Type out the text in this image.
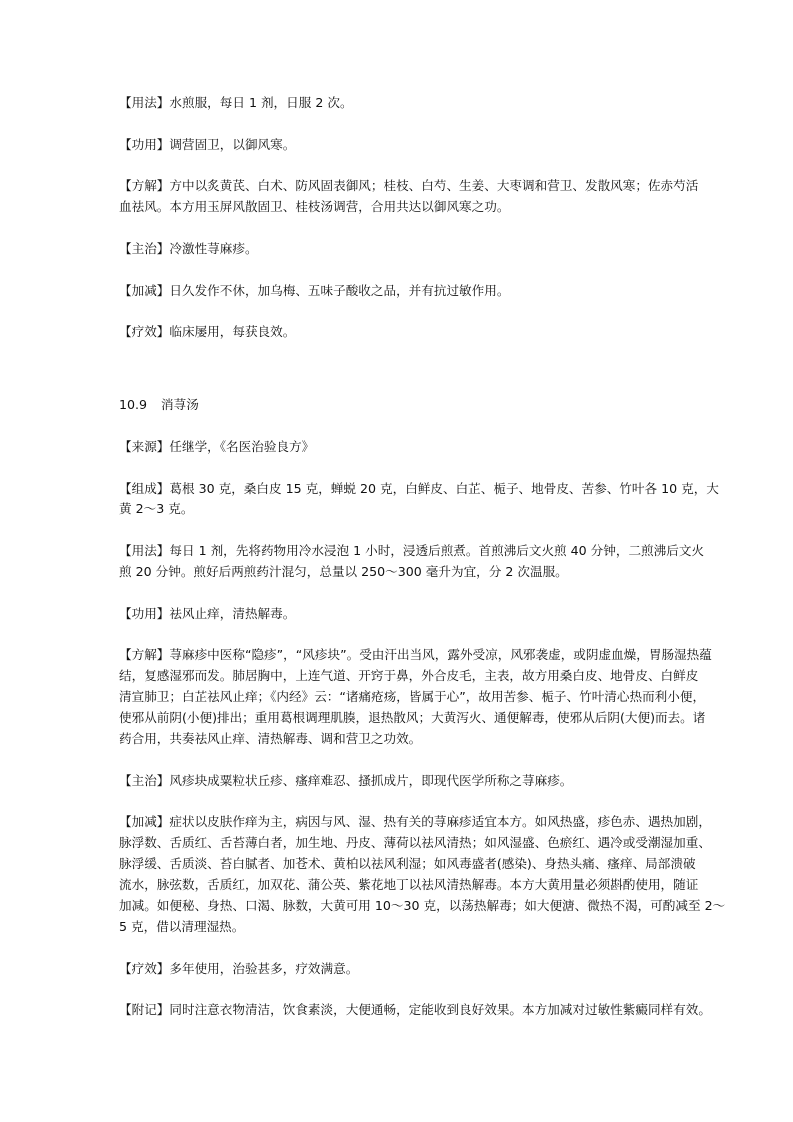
【用法】水煎服，每日 1 剂，日服 2 次。
【功用】调营固卫，以御风寒。
【方解】方中以炙黄芪、白术、防风固表御风；桂枝、白芍、生姜、大枣调和营卫、发散风寒；佐赤芍活
血祛风。本方用玉屏风散固卫、桂枝汤调营，合用共达以御风寒之功。
【主治】冷激性荨麻疹。
【加减】日久发作不休，加乌梅、五味子酸收之品，并有抗过敏作用。
【疗效】临床屡用，每获良效。
10.9 消荨汤
【来源】任继学，《名医治验良方》
【组成】葛根 30 克，桑白皮 15 克，蝉蜕 20 克，白鲜皮、白芷、栀子、地骨皮、苦参、竹叶各 10 克，大
黄 2～3 克。
【用法】每日 1 剂，先将药物用冷水浸泡 1 小时，浸透后煎煮。首煎沸后文火煎 40 分钟，二煎沸后文火
煎 20 分钟。煎好后两煎药汁混匀，总量以 250～300 毫升为宜，分 2 次温服。
【功用】祛风止痒，清热解毒。
【方解】荨麻疹中医称“隐疹”，“风疹块”。受由汗出当风，露外受凉，风邪袭虚，或阴虚血燥，胃肠湿热蕴
结，复感湿邪而发。肺居胸中，上连气道、开窍于鼻，外合皮毛，主表，故方用桑白皮、地骨皮、白鲜皮
清宣肺卫；白芷祛风止痒；《内经》云：“诸痛疮疡，皆属于心”，故用苦参、栀子、竹叶清心热而利小便，
使邪从前阴(小便)排出；重用葛根调理肌腠，退热散风；大黄泻火、通便解毒，使邪从后阴(大便)而去。诸
药合用，共奏祛风止痒、清热解毒、调和营卫之功效。
【主治】风疹块成粟粒状丘疹、瘙痒难忍、搔抓成片，即现代医学所称之荨麻疹。
【加减】症状以皮肤作痒为主，病因与风、湿、热有关的荨麻疹适宜本方。如风热盛，疹色赤、遇热加剧，
脉浮数、舌质红、舌苔薄白者，加生地、丹皮、薄荷以祛风清热；如风湿盛、色瘀红、遇冷或受潮湿加重、
脉浮缓、舌质淡、苔白腻者、加苍术、黄柏以祛风利湿；如风毒盛者(感染)、身热头痛、瘙痒、局部溃破
流水，脉弦数，舌质红，加双花、蒲公英、紫花地丁以祛风清热解毒。本方大黄用量必须斟酌使用，随证
加减。如便秘、身热、口渴、脉数，大黄可用 10～30 克，以荡热解毒；如大便溏、微热不渴，可酌减至 2～
5 克，借以清理湿热。
【疗效】多年使用，治验甚多，疗效满意。
【附记】同时注意衣物清洁，饮食素淡，大便通畅，定能收到良好效果。本方加减对过敏性紫癜同样有效。
